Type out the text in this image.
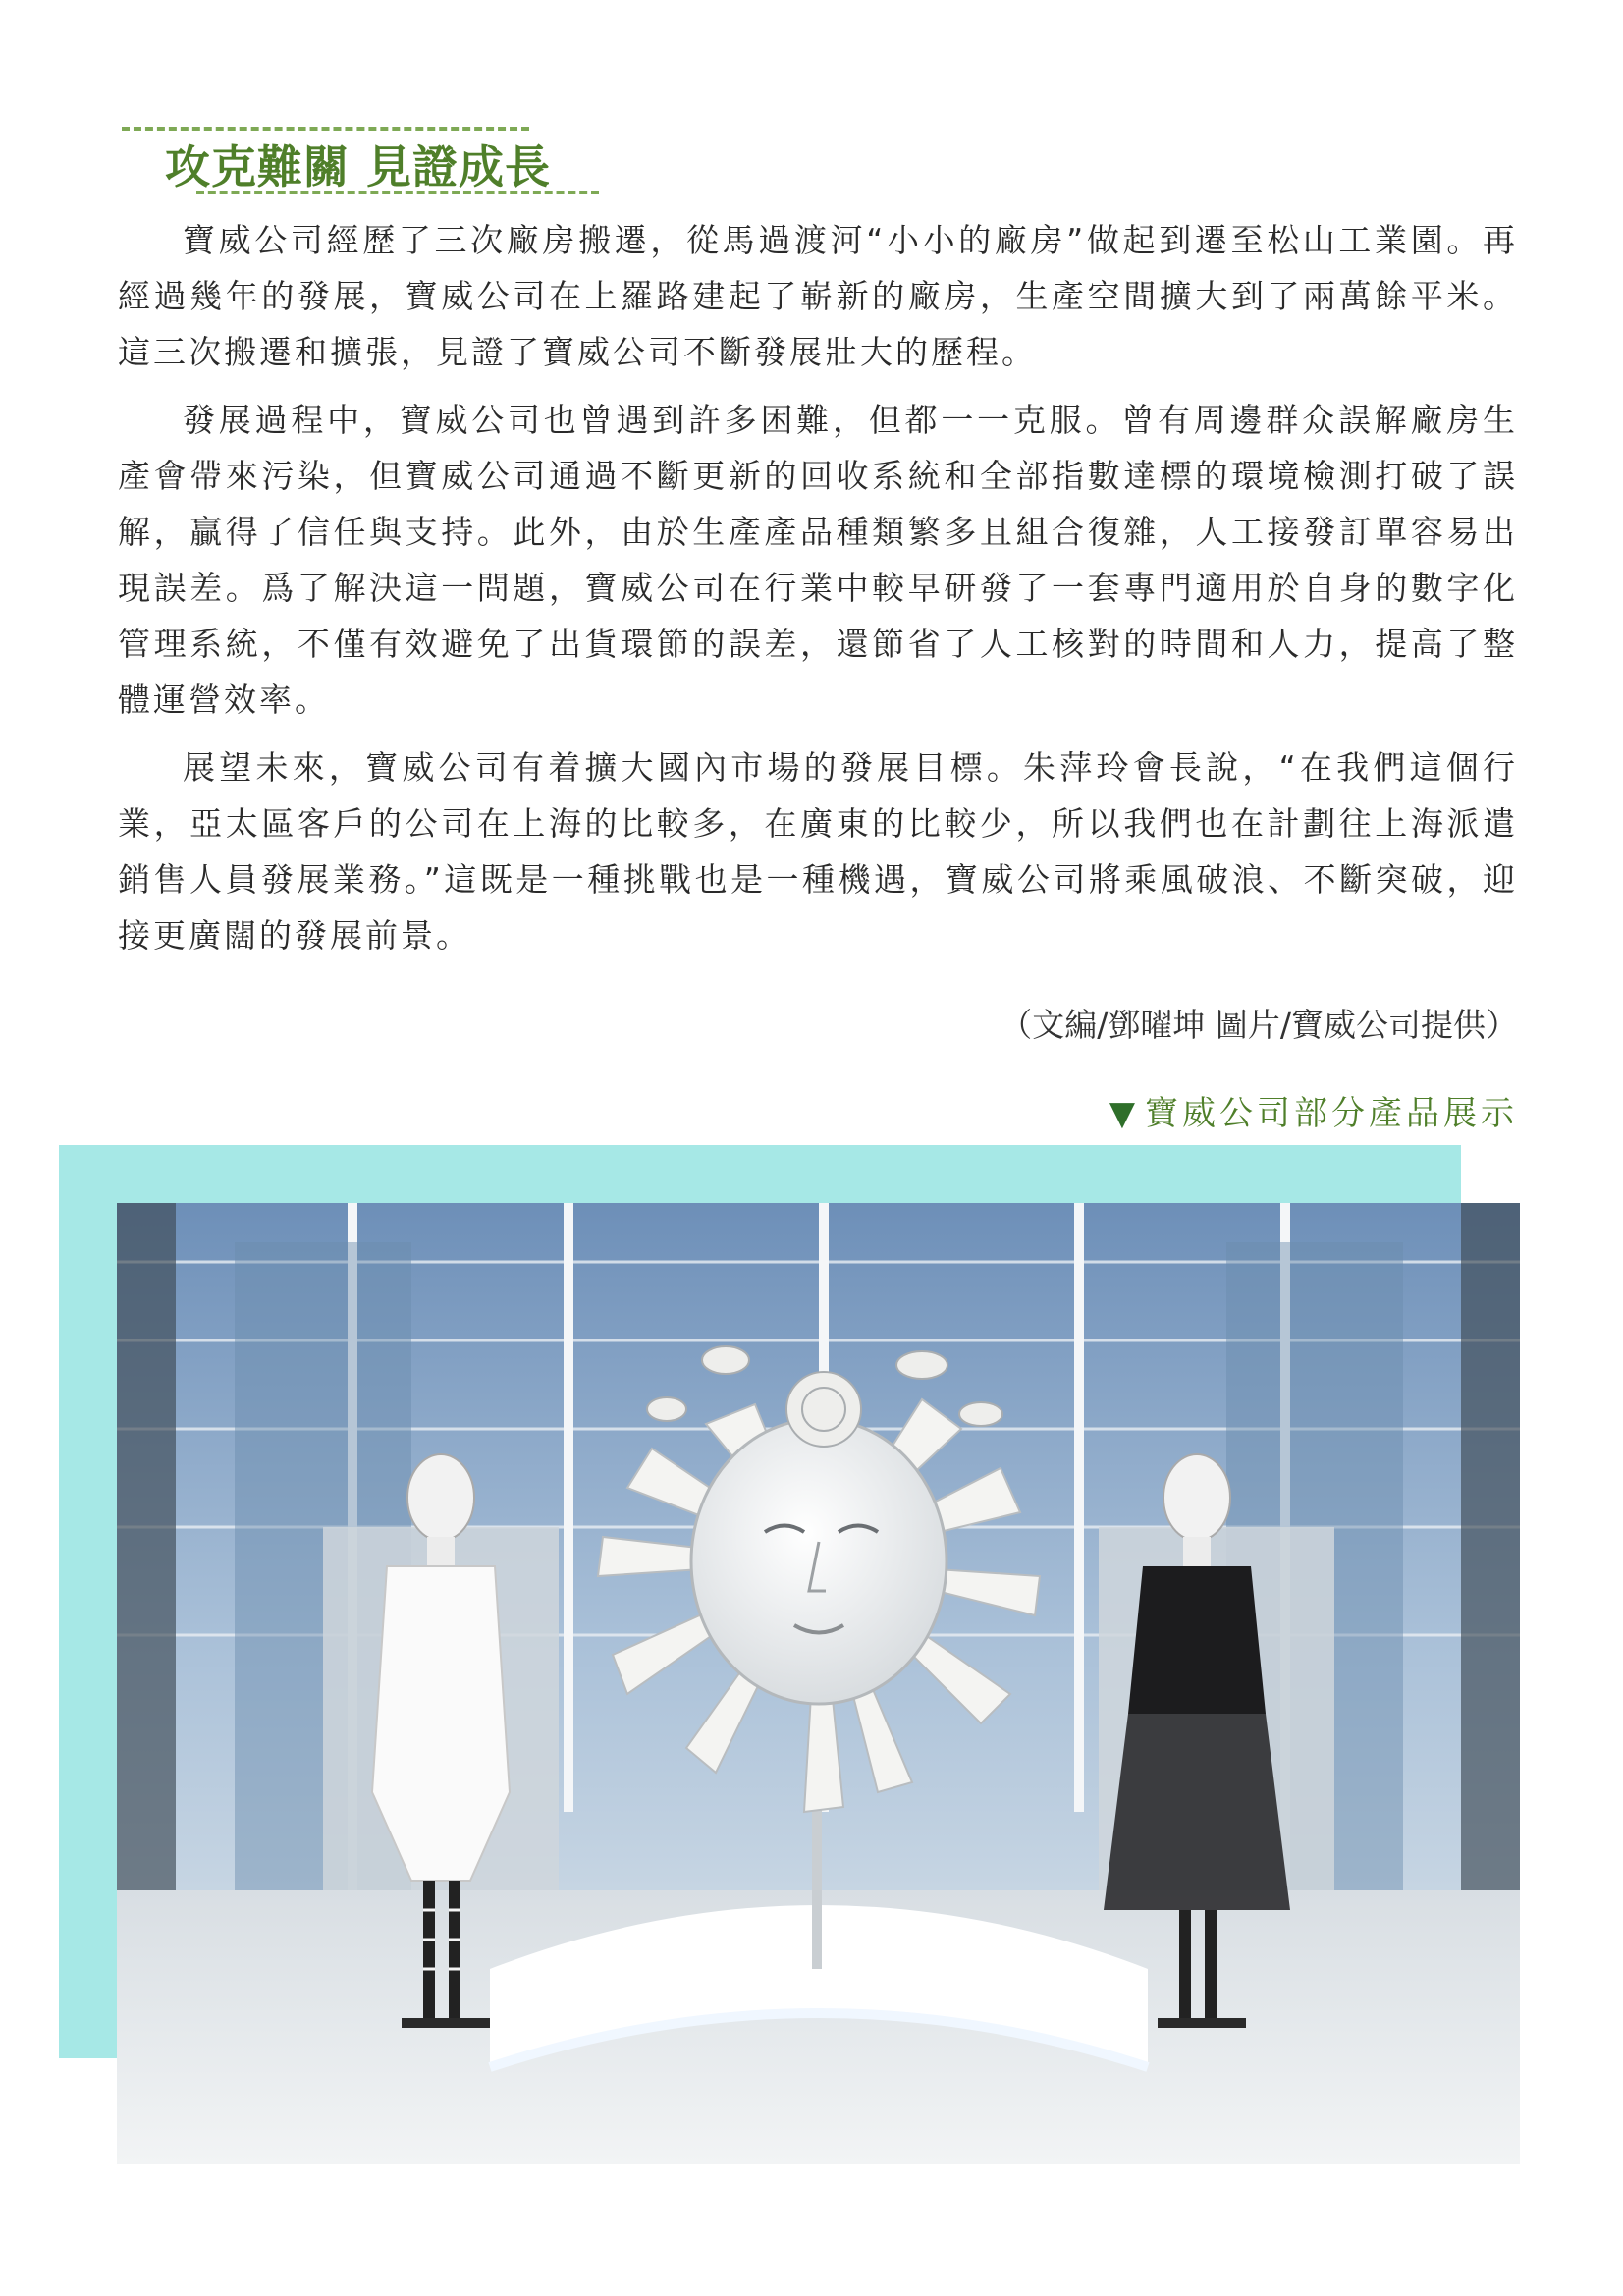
攻克難關 見證成長

寶威公司經歷了三次廠房搬遷，從馬過渡河“小小的廠房”做起到遷至松山工業園。再經過幾年的發展，寶威公司在上羅路建起了嶄新的廠房，生產空間擴大到了兩萬餘平米。這三次搬遷和擴張，見證了寶威公司不斷發展壯大的歷程。

發展過程中，寶威公司也曾遇到許多困難，但都一一克服。曾有周邊群众誤解廠房生產會帶來污染，但寶威公司通過不斷更新的回收系統和全部指數達標的環境檢測打破了誤解，贏得了信任與支持。此外，由於生產產品種類繁多且組合復雜，人工接發訂單容易出現誤差。爲了解決這一問題，寶威公司在行業中較早研發了一套專門適用於自身的數字化管理系統，不僅有效避免了出貨環節的誤差，還節省了人工核對的時間和人力，提高了整體運營效率。

展望未來，寶威公司有着擴大國內市場的發展目標。朱萍玲會長說，“在我們這個行業，亞太區客戶的公司在上海的比較多，在廣東的比較少，所以我們也在計劃往上海派遣銷售人員發展業務。”這既是一種挑戰也是一種機遇，寶威公司將乘風破浪、不斷突破，迎接更廣闊的發展前景。

（文編/鄧曜坤 圖片/寶威公司提供）
▼ 寶威公司部分產品展示
